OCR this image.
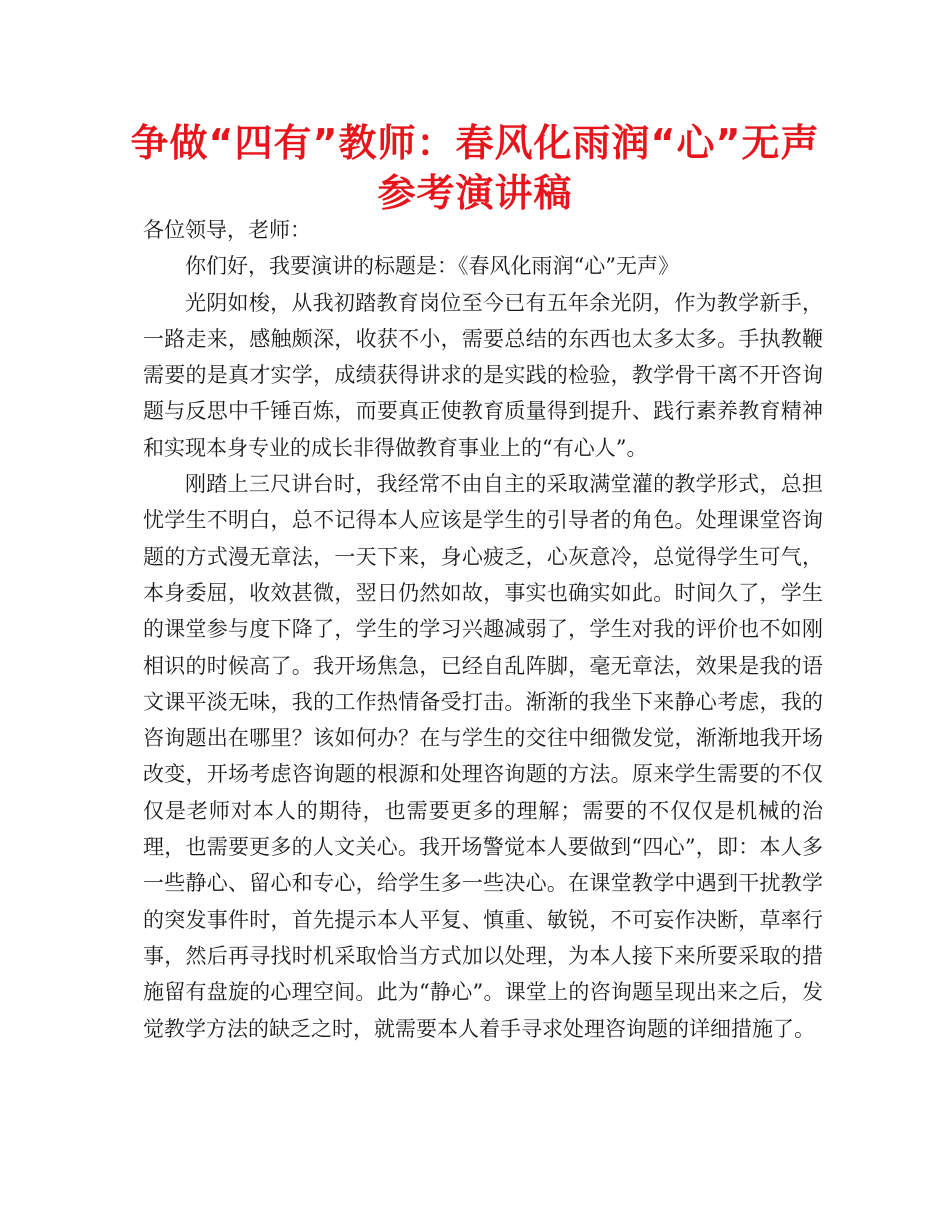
争做“四有”教师：春风化雨润“心”无声参考演讲稿

各位领导，老师：

你们好，我要演讲的标题是：《春风化雨润“心”无声》

光阴如梭，从我初踏教育岗位至今已有五年余光阴，作为教学新手，一路走来，感触颇深，收获不小，需要总结的东西也太多太多。手执教鞭需要的是真才实学，成绩获得讲求的是实践的检验，教学骨干离不开咨询题与反思中千锤百炼，而要真正使教育质量得到提升、践行素养教育精神和实现本身专业的成长非得做教育事业上的“有心人”。

刚踏上三尺讲台时，我经常不由自主的采取满堂灌的教学形式，总担忧学生不明白，总不记得本人应该是学生的引导者的角色。处理课堂咨询题的方式漫无章法，一天下来，身心疲乏，心灰意冷，总觉得学生可气，本身委屈，收效甚微，翌日仍然如故，事实也确实如此。时间久了，学生的课堂参与度下降了，学生的学习兴趣减弱了，学生对我的评价也不如刚相识的时候高了。我开场焦急，已经自乱阵脚，毫无章法，效果是我的语文课平淡无味，我的工作热情备受打击。渐渐的我坐下来静心考虑，我的咨询题出在哪里？该如何办？在与学生的交往中细微发觉，渐渐地我开场改变，开场考虑咨询题的根源和处理咨询题的方法。原来学生需要的不仅仅是老师对本人的期待，也需要更多的理解；需要的不仅仅是机械的治理，也需要更多的人文关心。我开场警觉本人要做到“四心”，即：本人多一些静心、留心和专心，给学生多一些决心。在课堂教学中遇到干扰教学的突发事件时，首先提示本人平复、慎重、敏锐，不可妄作决断，草率行事，然后再寻找时机采取恰当方式加以处理，为本人接下来所要采取的措施留有盘旋的心理空间。此为“静心”。课堂上的咨询题呈现出来之后，发觉教学方法的缺乏之时，就需要本人着手寻求处理咨询题的详细措施了。
